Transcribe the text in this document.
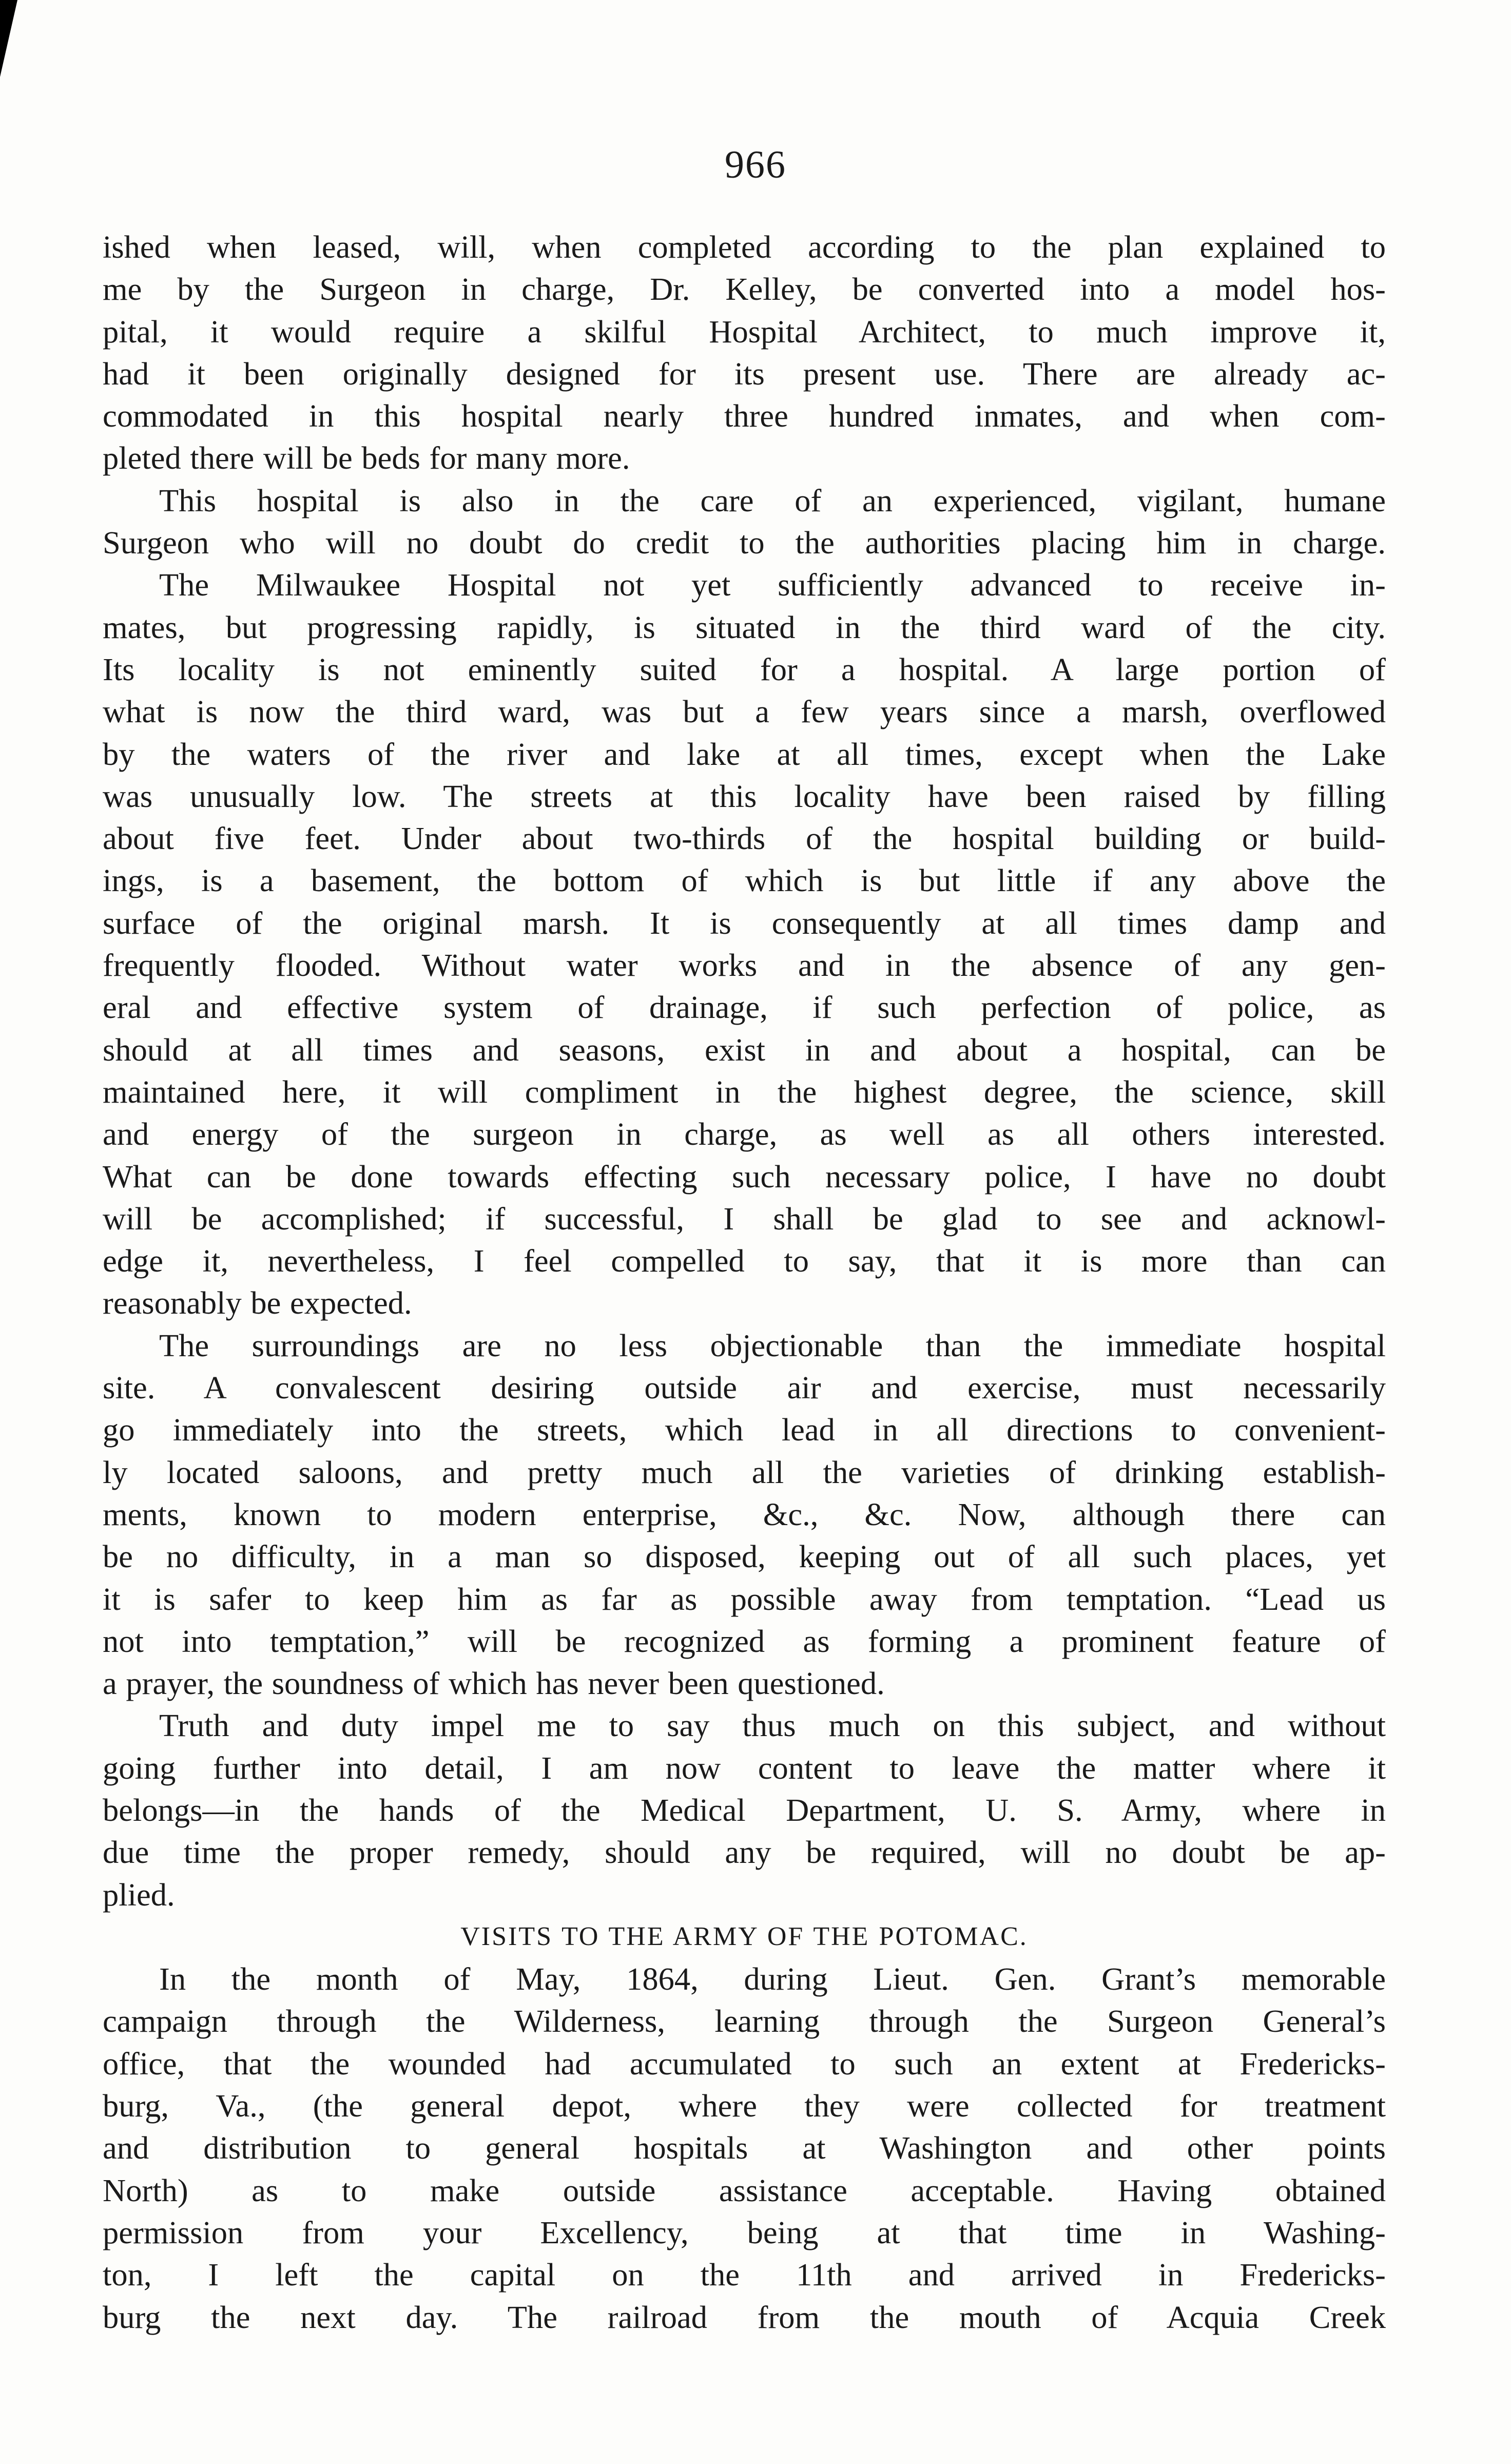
966
ished when leased, will, when completed according to the plan explained to
me by the Surgeon in charge, Dr. Kelley, be converted into a model hos-
pital, it would require a skilful Hospital Architect, to much improve it,
had it been originally designed for its present use. There are already ac-
commodated in this hospital nearly three hundred inmates, and when com-
pleted there will be beds for many more.
This hospital is also in the care of an experienced, vigilant, humane
Surgeon who will no doubt do credit to the authorities placing him in charge.
The Milwaukee Hospital not yet sufficiently advanced to receive in-
mates, but progressing rapidly, is situated in the third ward of the city.
Its locality is not eminently suited for a hospital. A large portion of
what is now the third ward, was but a few years since a marsh, overflowed
by the waters of the river and lake at all times, except when the Lake
was unusually low. The streets at this locality have been raised by filling
about five feet. Under about two-thirds of the hospital building or build-
ings, is a basement, the bottom of which is but little if any above the
surface of the original marsh. It is consequently at all times damp and
frequently flooded. Without water works and in the absence of any gen-
eral and effective system of drainage, if such perfection of police, as
should at all times and seasons, exist in and about a hospital, can be
maintained here, it will compliment in the highest degree, the science, skill
and energy of the surgeon in charge, as well as all others interested.
What can be done towards effecting such necessary police, I have no doubt
will be accomplished; if successful, I shall be glad to see and acknowl-
edge it, nevertheless, I feel compelled to say, that it is more than can
reasonably be expected.
The surroundings are no less objectionable than the immediate hospital
site. A convalescent desiring outside air and exercise, must necessarily
go immediately into the streets, which lead in all directions to convenient-
ly located saloons, and pretty much all the varieties of drinking establish-
ments, known to modern enterprise, &c., &c. Now, although there can
be no difficulty, in a man so disposed, keeping out of all such places, yet
it is safer to keep him as far as possible away from temptation. “Lead us
not into temptation,” will be recognized as forming a prominent feature of
a prayer, the soundness of which has never been questioned.
Truth and duty impel me to say thus much on this subject, and without
going further into detail, I am now content to leave the matter where it
belongs—in the hands of the Medical Department, U. S. Army, where in
due time the proper remedy, should any be required, will no doubt be ap-
plied.
VISITS TO THE ARMY OF THE POTOMAC.
In the month of May, 1864, during Lieut. Gen. Grant’s memorable
campaign through the Wilderness, learning through the Surgeon General’s
office, that the wounded had accumulated to such an extent at Fredericks-
burg, Va., (the general depot, where they were collected for treatment
and distribution to general hospitals at Washington and other points
North) as to make outside assistance acceptable. Having obtained
permission from your Excellency, being at that time in Washing-
ton, I left the capital on the 11th and arrived in Fredericks-
burg the next day. The railroad from the mouth of Acquia Creek
